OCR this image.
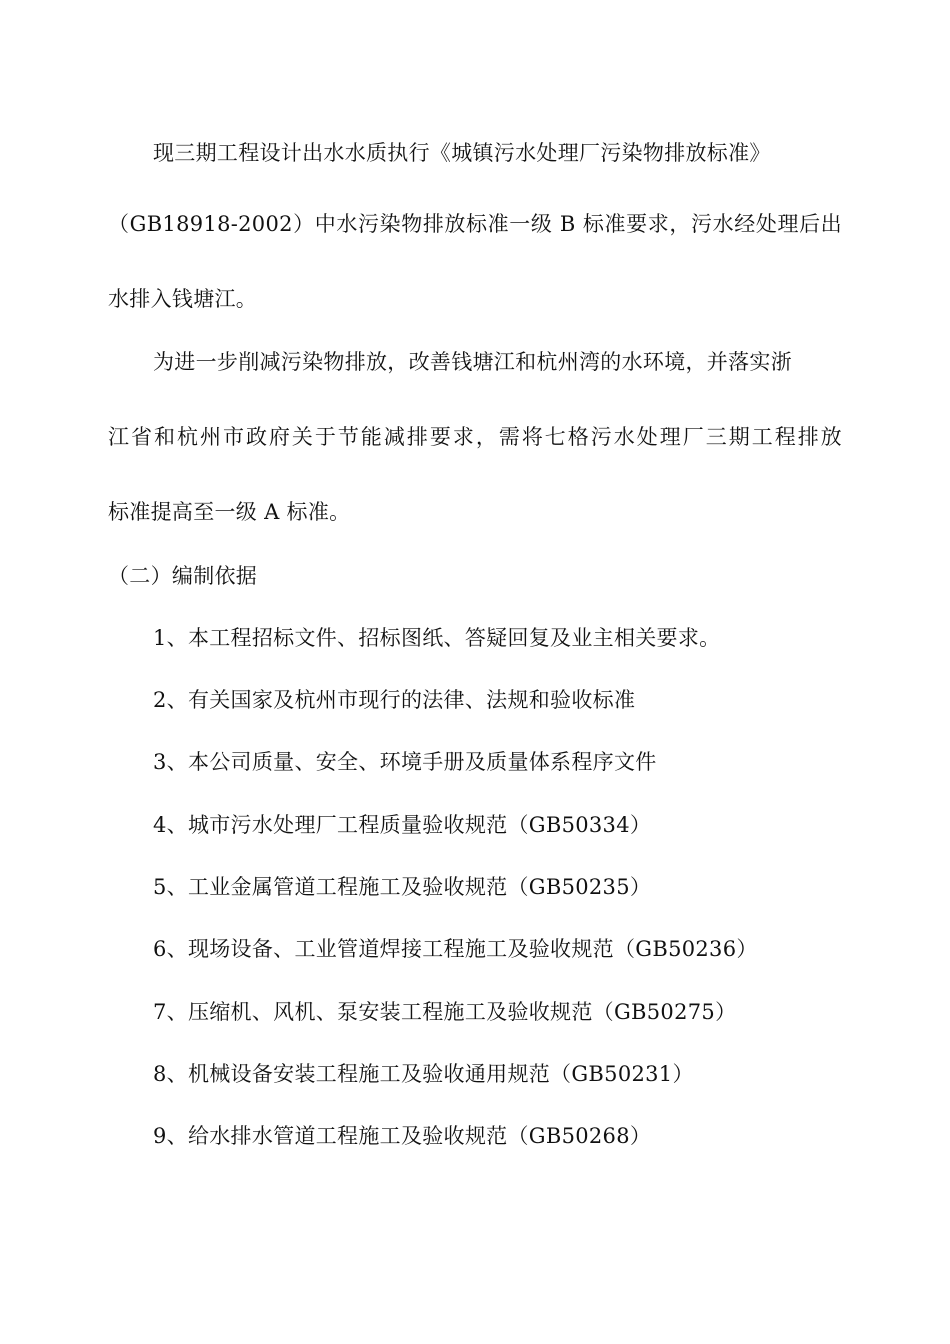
现三期工程设计出水水质执行《城镇污水处理厂污染物排放标准》
（GB18918-2002）中水污染物排放标准一级 B 标准要求，污水经处理后出
水排入钱塘江。
为进一步削减污染物排放，改善钱塘江和杭州湾的水环境，并落实浙
江省和杭州市政府关于节能减排要求，需将七格污水处理厂三期工程排放
标准提高至一级 A 标准。
（二）编制依据
1、本工程招标文件、招标图纸、答疑回复及业主相关要求。
2、有关国家及杭州市现行的法律、法规和验收标准
3、本公司质量、安全、环境手册及质量体系程序文件
4、城市污水处理厂工程质量验收规范（GB50334）
5、工业金属管道工程施工及验收规范（GB50235）
6、现场设备、工业管道焊接工程施工及验收规范（GB50236）
7、压缩机、风机、泵安装工程施工及验收规范（GB50275）
8、机械设备安装工程施工及验收通用规范（GB50231）
9、给水排水管道工程施工及验收规范（GB50268）
